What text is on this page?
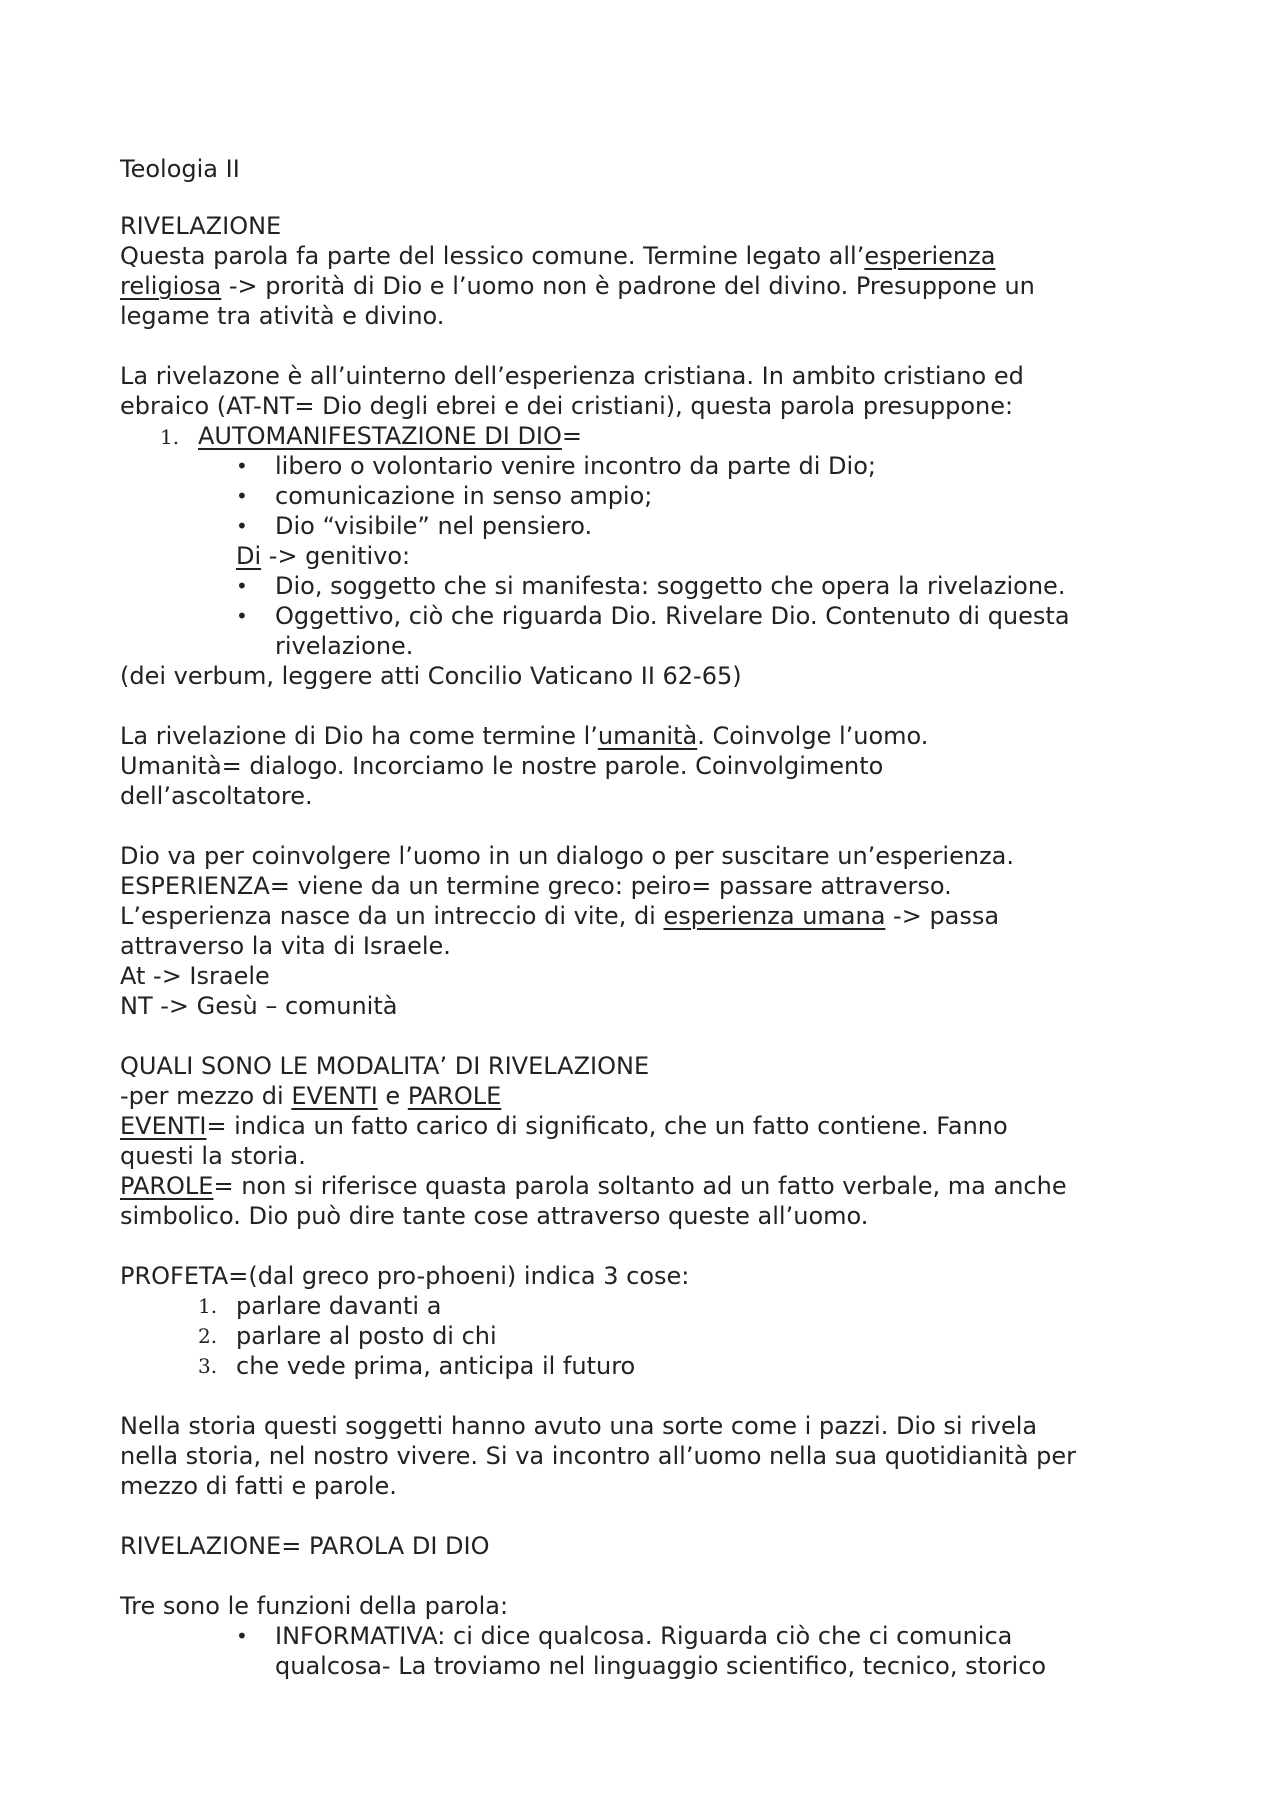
Teologia II
RIVELAZIONE
Questa parola fa parte del lessico comune. Termine legato all’esperienza
religiosa -> prorità di Dio e l’uomo non è padrone del divino. Presuppone un
legame tra atività e divino.
La rivelazone è all’uinterno dell’esperienza cristiana. In ambito cristiano ed
ebraico (AT-NT= Dio degli ebrei e dei cristiani), questa parola presuppone:
1. AUTOMANIFESTAZIONE DI DIO=
• libero o volontario venire incontro da parte di Dio;
• comunicazione in senso ampio;
• Dio “visibile” nel pensiero.
Di -> genitivo:
• Dio, soggetto che si manifesta: soggetto che opera la rivelazione.
• Oggettivo, ciò che riguarda Dio. Rivelare Dio. Contenuto di questa
rivelazione.
(dei verbum, leggere atti Concilio Vaticano II 62-65)
La rivelazione di Dio ha come termine l’umanità. Coinvolge l’uomo.
Umanità= dialogo. Incorciamo le nostre parole. Coinvolgimento
dell’ascoltatore.
Dio va per coinvolgere l’uomo in un dialogo o per suscitare un’esperienza.
ESPERIENZA= viene da un termine greco: peiro= passare attraverso.
L’esperienza nasce da un intreccio di vite, di esperienza umana -> passa
attraverso la vita di Israele.
At -> Israele
NT -> Gesù – comunità
QUALI SONO LE MODALITA’ DI RIVELAZIONE
-per mezzo di EVENTI e PAROLE
EVENTI= indica un fatto carico di significato, che un fatto contiene. Fanno
questi la storia.
PAROLE= non si riferisce quasta parola soltanto ad un fatto verbale, ma anche
simbolico. Dio può dire tante cose attraverso queste all’uomo.
PROFETA=(dal greco pro-phoeni) indica 3 cose:
1. parlare davanti a
2. parlare al posto di chi
3. che vede prima, anticipa il futuro
Nella storia questi soggetti hanno avuto una sorte come i pazzi. Dio si rivela
nella storia, nel nostro vivere. Si va incontro all’uomo nella sua quotidianità per
mezzo di fatti e parole.
RIVELAZIONE= PAROLA DI DIO
Tre sono le funzioni della parola:
• INFORMATIVA: ci dice qualcosa. Riguarda ciò che ci comunica
qualcosa- La troviamo nel linguaggio scientifico, tecnico, storico
